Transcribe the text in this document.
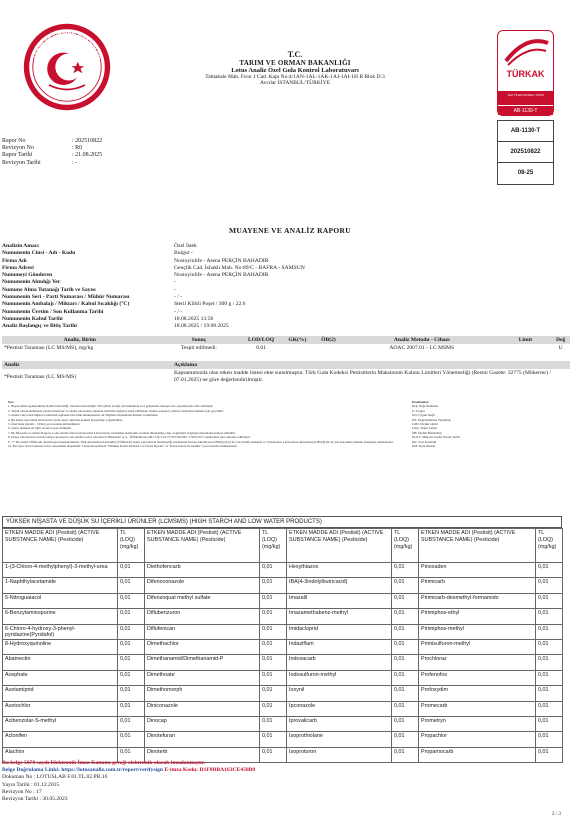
TARIM VE ORMAN BAKANLIĞI	T.C.
TARIM VE ORMAN BAKANLIĞI
Lotus Analiz Özel Gıda Kontrol Laboratuvarı
Tahtakale Mah. Fırın 1 Cad. Kapı No:4/1AN-1AL-1AK-1AJ-1AI-1H B Blok D:3
Avcılar İSTANBUL/TÜRKİYE
TÜRKAK
Test TS EN ISO/IEC 17025
AB-1130-T
AB-1130-T
202510822
08-25
Rapor No	: 202510822
Revizyon No	: R0
Rapor Tarihi	: 21.08.2025
Revizyon Tarihi	: -
MUAYENE VE ANALİZ RAPORU
Analizin Amacı	Özel İstek
Numunenin Cinsi - Adı - Kodu	Bulgur -
Firma Adı	Nostoyinlife - Asena PERÇİN BAHADIR
Firma Adresi	Gençlik Cad. İshaklı Mah. No:89/C - BAFRA - SAMSUN
Numuneyi Gönderen	Nostoyinlife - Asena PERÇİN BAHADIR
Numunenin Alındığı Yer	-
Numune Alma Tutanağı Tarih ve Sayısı	-
Numunenin Seri - Parti Numarası / Mühür Numarası	- / -
Numunenin Ambalajı / Miktarı / Kabul Sıcaklığı (°C)	Steril Kilitli Poşet / 300 g / 22.6
Numunenin Üretim / Son Kullanma Tarihi	- / -
Numunenin Kabul Tarihi	18.08.2025 13:56
Analiz Başlangıç ve Bitiş Tarihi	18.08.2025 / 19.08.2025
Analiz, Birim	Sonuç	LOD/LOQ	GK(%)	ÖB(2)	Analiz Metodu - Cihazı	Limit	Değ
*Pestisit Taraması (LC MS/MS), mg/kg	Tespit edilmedi.	0.01			AOAC 2007.01 - LC MSMS		U
Analiz	Açıklama
*Pestisit Taraması (LC MS/MS)	Kapsamımızda olan etken madde listesi ekte sunulmuştur. Türk Gıda Kodeksi Pestisitlerin Maksimum Kalıntı Limitleri Yönetmeliği (Resmi Gazete: 32775 (Mükerrer) / 07.01.2025) ne göre değerlendirilmiştir.
Not:
1. Beyan edilen genişletilmiş ölçüm belirsizliği, standart belirsizliğin %95 güven aralığı için kullanılan k=2 genişletme katsayısı ile çarpılmasıyla elde edilmiştir.
2. Taslak olarak numunede yapılan muayene ve analiz sonucunda yukarıda belirtilen değerler tespit edilmiştir. Analiz sonuçları yalnızca belirtilen numune için geçerlidir.
3. Analiz talep eden müşteri tarafından sağlanan özel ürün numunelerine ait bilgilerle ilintisinden müşteri sorumludur.
4. Bu analiz raporunun laboratuvar yazılı onayı olmadan kısmen kopyalanıp çoğaltılamaz.
5. Özel İstek (Analiz - Ürün) çerçevesinde kullanılmıştır.
6. Sonuç numune ile ilgili olarak beyan edilmiştir.
7. Bu Muayene ve Analiz Raporu, Lotus Analiz Özel Gıda Kontrol Laboratuvarı tarafından elektronik ortamda imzalanmış olup, doğrulama bağlantısı üzerinden kontrol edilebilir.
8. Deney laboratuvarı olarak faaliyet gösteren Lotus Analiz Gıda Laboratuvar Hizmetleri A.Ş., TÜRKAK'tan AB-1130-T ile TS EN ISO/IEC 17025:2017 standardına göre akredite edilmiştir.
9. "*" Bu analiz TÜRKAK akreditasyon kapsamındadır. Türk Akreditasyon Kurumu (TÜRKAK) deney raporlarının tanınmışlığı konusunda Avrupa Akreditasyon Birliği (EA) ile Çok Taraflı Anlaşma ve Uluslararası Laboratuvar Akreditasyon Birliği (ILAC) ile karşılıklı tanınma anlaşması imzalamıştır.
10. Bu rapor www.lotusiab.com.tr adresinden ulaşılabilir. Laboratuvarımızda "Numune Kabul Kriterleri ve Fatura Beyanı" ve "Karar Kuralı Prosedürü" çerçevesinde tutulmaktadır.
Kısaltmalar:
Değ: Değerlendirme
U: Uygun
UD: Uygun Değil
DY: Değerlendirme Yapılmadı
LOD: Ölçüm Limiti
LOQ: Tespit Limiti
ÖB: Ölçüm Belirsizliği
M.N.T: Miktarla Tayini Yoktur Tarihi
GK: Geri Kazanım
KM: Kuru Madde
YÜKSEK NİŞASTA VE DÜŞÜK SU İÇERİKLİ ÜRÜNLER (LCMSMS) (HIGH STARCH AND LOW WATER PRODUCTS)
ETKEN MADDE ADI (Pestisit) (ACTIVE SUBSTANCE NAME) (Pesticide)	TL (LOQ) (mg/kg)	ETKEN MADDE ADI (Pestisit) (ACTIVE SUBSTANCE NAME) (Pesticide)	TL (LOQ) (mg/kg)	ETKEN MADDE ADI (Pestisit) (ACTIVE SUBSTANCE NAME) (Pesticide)	TL (LOQ) (mg/kg)	ETKEN MADDE ADI (Pestisit) (ACTIVE SUBSTANCE NAME) (Pesticide)	TL (LOQ) (mg/kg)
1-(3-Chloro-4-methylphenyl)-3-methyl-urea	0,01	Diethofencarb	0,01	Hexythiazox	0,01	Pinoxaden	0,01
1-Naphthylacetamide	0,01	Difenoconazole	0,01	IBA(4-3indolylbutricacid)	0,01	Pirimicarb	0,01
5-Nitroguaiacol	0,01	Difenzoquat methyl sulfate	0,01	Imazalil	0,01	Pirimicarb-desmethyl-formamido	0,01
6-Benzylaminopurine	0,01	Diflubenzuron	0,01	Imazamethabenz-methyl	0,01	Pirimiphos-ethyl	0,01
6-Chloro-4-hydroxy-3-phenyl-pyridazine(Pyridafol)	0,01	Diflufenican	0,01	Imidacloprid	0,01	Pirimiphos-methyl	0,01
8-Hydroxyquinoline	0,01	Dimethachlor	0,01	Indaziflam	0,01	Primisulfuron-methyl	0,01
Abamectin	0,01	Dimethanamid/Dimethanamid-P	0,01	Indoxacarb	0,01	Prochloraz	0,01
Acephate	0,01	Dimethoate	0,01	Iodosulfuron-methyl	0,01	Profenofos	0,01
Acetamiprid	0,01	Dimethomorph	0,01	Ioxynil	0,01	Profoxydim	0,01
Acetochlor	0,01	Diniconazole	0,01	Ipconazole	0,01	Promecarb	0,01
Acibenzolar-S-methyl	0,01	Dinocap	0,01	Iprovalicarb	0,01	Prometryn	0,01
Aclonifen	0,01	Dinotefuran	0,01	Isoprothiolane	0,01	Propachlor	0,01
Alachlor	0,01	Dinoterb	0,01	Isoproturon	0,01	Propamocarb	0,01
Bu belge 5070 sayılı Elektronik İmza Kanunu gereği elektronik olarak imzalanmıştır.
Belge Doğrulama Linki: https://lotusanaliz.com.tr/report/verifysign E-imza Kodu: D1F0BBA163CE450B0
Dokuman No : LOTUSLAB F.01.TL.02.PR.16
Yayın Tarihi : 01.12.2015
Revizyon No : 17
Revizyon Tarihi : 30.05.2023
2 / 3
